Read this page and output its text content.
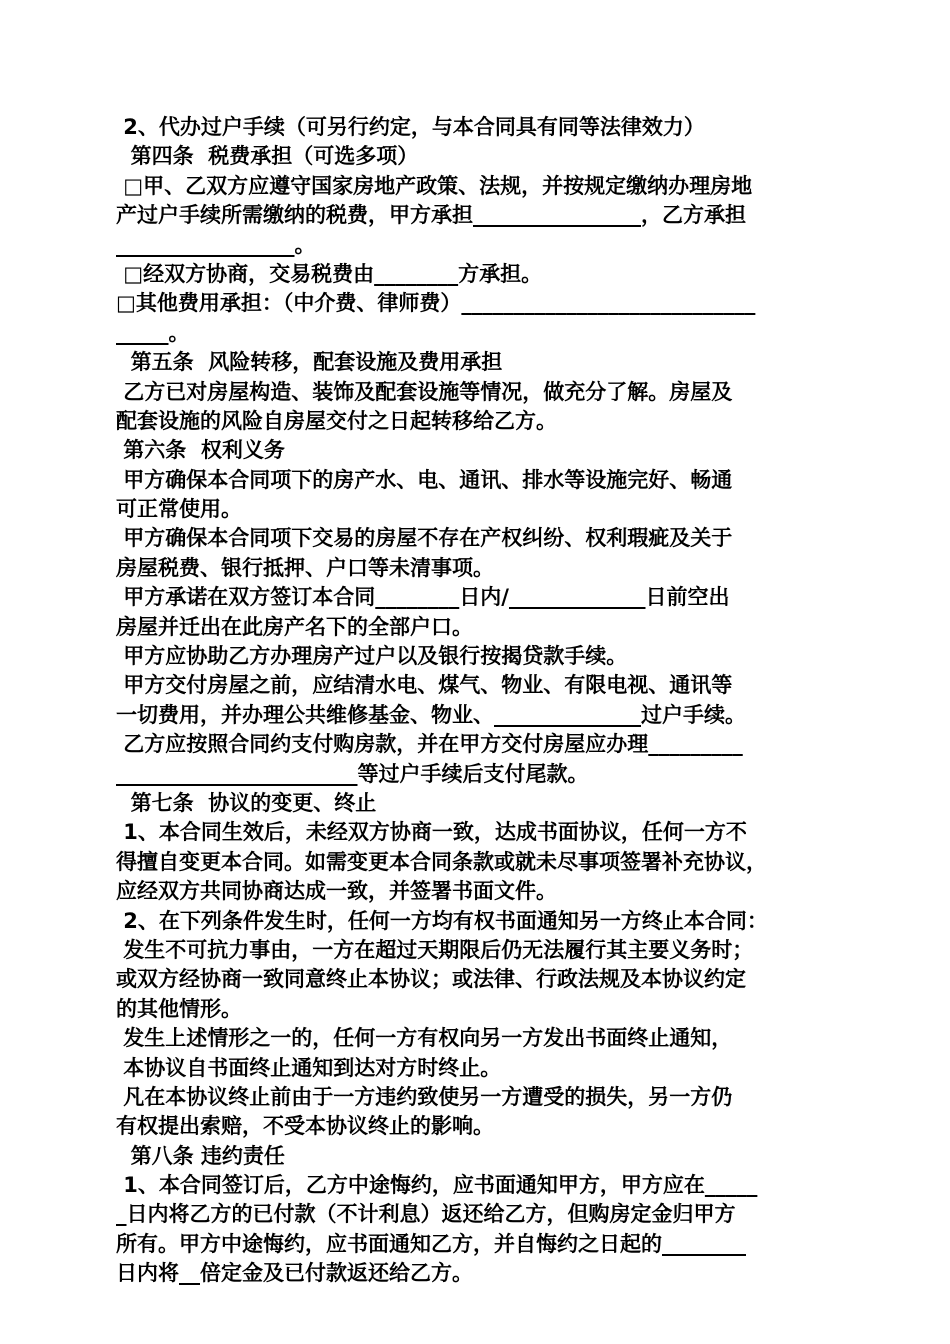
2、代办过户手续（可另行约定，与本合同具有同等法律效力）
第四条  税费承担（可选多项）
□甲、乙双方应遵守国家房地产政策、法规，并按规定缴纳办理房地
产过户手续所需缴纳的税费，甲方承担________________，乙方承担
_________________。
□经双方协商，交易税费由________方承担。
□其他费用承担：（中介费、律师费）____________________________
_____。
第五条  风险转移，配套设施及费用承担
乙方已对房屋构造、装饰及配套设施等情况，做充分了解。房屋及
配套设施的风险自房屋交付之日起转移给乙方。
第六条  权利义务
甲方确保本合同项下的房产水、电、通讯、排水等设施完好、畅通
可正常使用。
甲方确保本合同项下交易的房屋不存在产权纠纷、权利瑕疵及关于
房屋税费、银行抵押、户口等未清事项。
甲方承诺在双方签订本合同________日内/_____________日前空出
房屋并迁出在此房产名下的全部户口。
甲方应协助乙方办理房产过户以及银行按揭贷款手续。
甲方交付房屋之前，应结清水电、煤气、物业、有限电视、通讯等
一切费用，并办理公共维修基金、物业、______________过户手续。
乙方应按照合同约支付购房款，并在甲方交付房屋应办理_________
_______________________等过户手续后支付尾款。
第七条  协议的变更、终止
1、本合同生效后，未经双方协商一致，达成书面协议，任何一方不
得擅自变更本合同。如需变更本合同条款或就未尽事项签署补充协议，
应经双方共同协商达成一致，并签署书面文件。
2、在下列条件发生时，任何一方均有权书面通知另一方终止本合同：
发生不可抗力事由，一方在超过天期限后仍无法履行其主要义务时；
或双方经协商一致同意终止本协议；或法律、行政法规及本协议约定
的其他情形。
发生上述情形之一的，任何一方有权向另一方发出书面终止通知，
本协议自书面终止通知到达对方时终止。
凡在本协议终止前由于一方违约致使另一方遭受的损失，另一方仍
有权提出索赔，不受本协议终止的影响。
第八条 违约责任
1、本合同签订后，乙方中途悔约，应书面通知甲方，甲方应在_____
_日内将乙方的已付款（不计利息）返还给乙方，但购房定金归甲方
所有。甲方中途悔约，应书面通知乙方，并自悔约之日起的________
日内将__倍定金及已付款返还给乙方。
